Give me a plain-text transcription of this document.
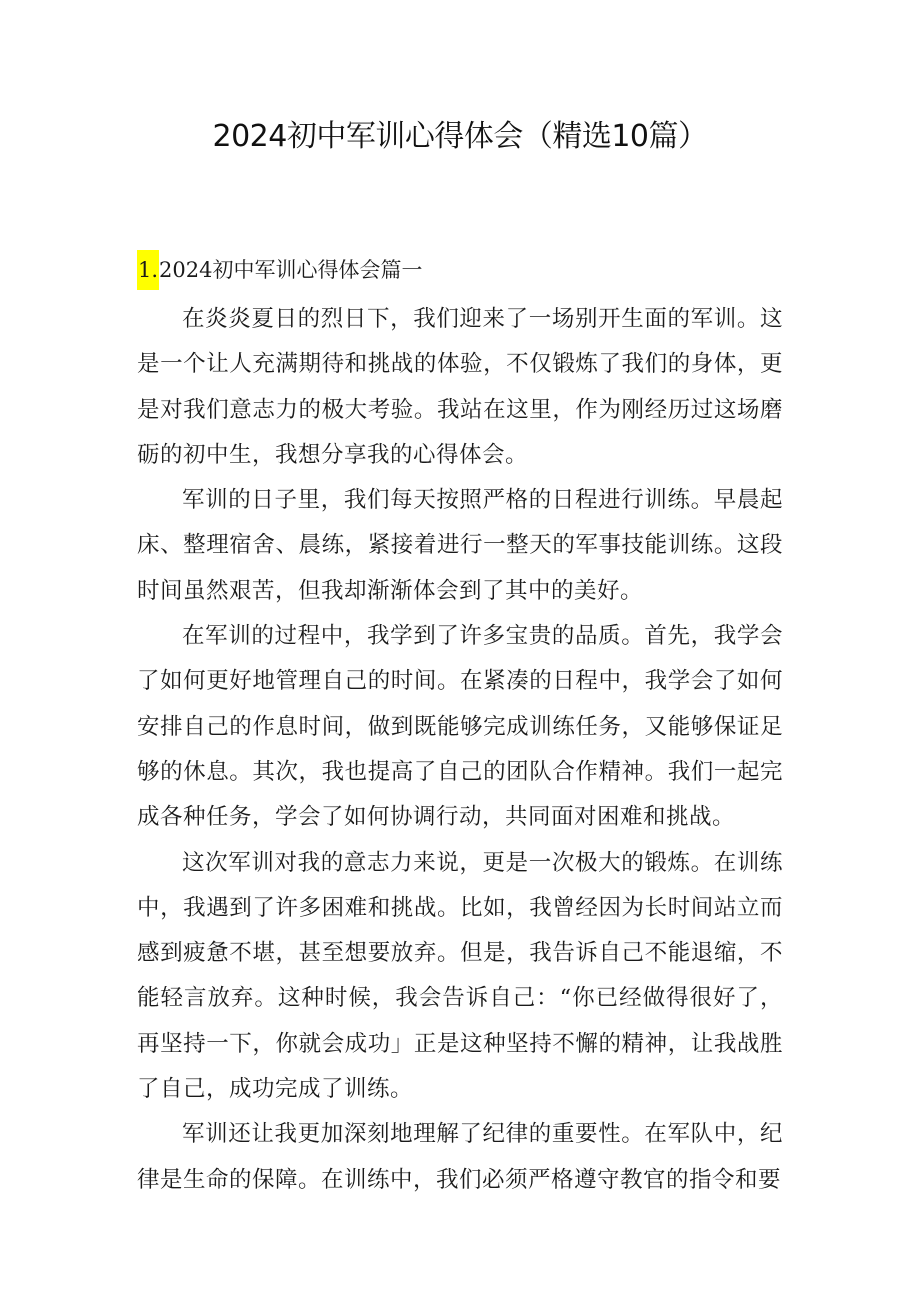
2024初中军训心得体会（精选10篇）
1.2024初中军训心得体会篇一

在炎炎夏日的烈日下，我们迎来了一场别开生面的军训。这是一个让人充满期待和挑战的体验，不仅锻炼了我们的身体，更是对我们意志力的极大考验。我站在这里，作为刚经历过这场磨砺的初中生，我想分享我的心得体会。

军训的日子里，我们每天按照严格的日程进行训练。早晨起床、整理宿舍、晨练，紧接着进行一整天的军事技能训练。这段时间虽然艰苦，但我却渐渐体会到了其中的美好。

在军训的过程中，我学到了许多宝贵的品质。首先，我学会了如何更好地管理自己的时间。在紧凑的日程中，我学会了如何安排自己的作息时间，做到既能够完成训练任务，又能够保证足够的休息。其次，我也提高了自己的团队合作精神。我们一起完成各种任务，学会了如何协调行动，共同面对困难和挑战。

这次军训对我的意志力来说，更是一次极大的锻炼。在训练中，我遇到了许多困难和挑战。比如，我曾经因为长时间站立而感到疲惫不堪，甚至想要放弃。但是，我告诉自己不能退缩，不能轻言放弃。这种时候，我会告诉自己：“你已经做得很好了，再坚持一下，你就会成功」正是这种坚持不懈的精神，让我战胜了自己，成功完成了训练。

军训还让我更加深刻地理解了纪律的重要性。在军队中，纪律是生命的保障。在训练中，我们必须严格遵守教官的指令和要
